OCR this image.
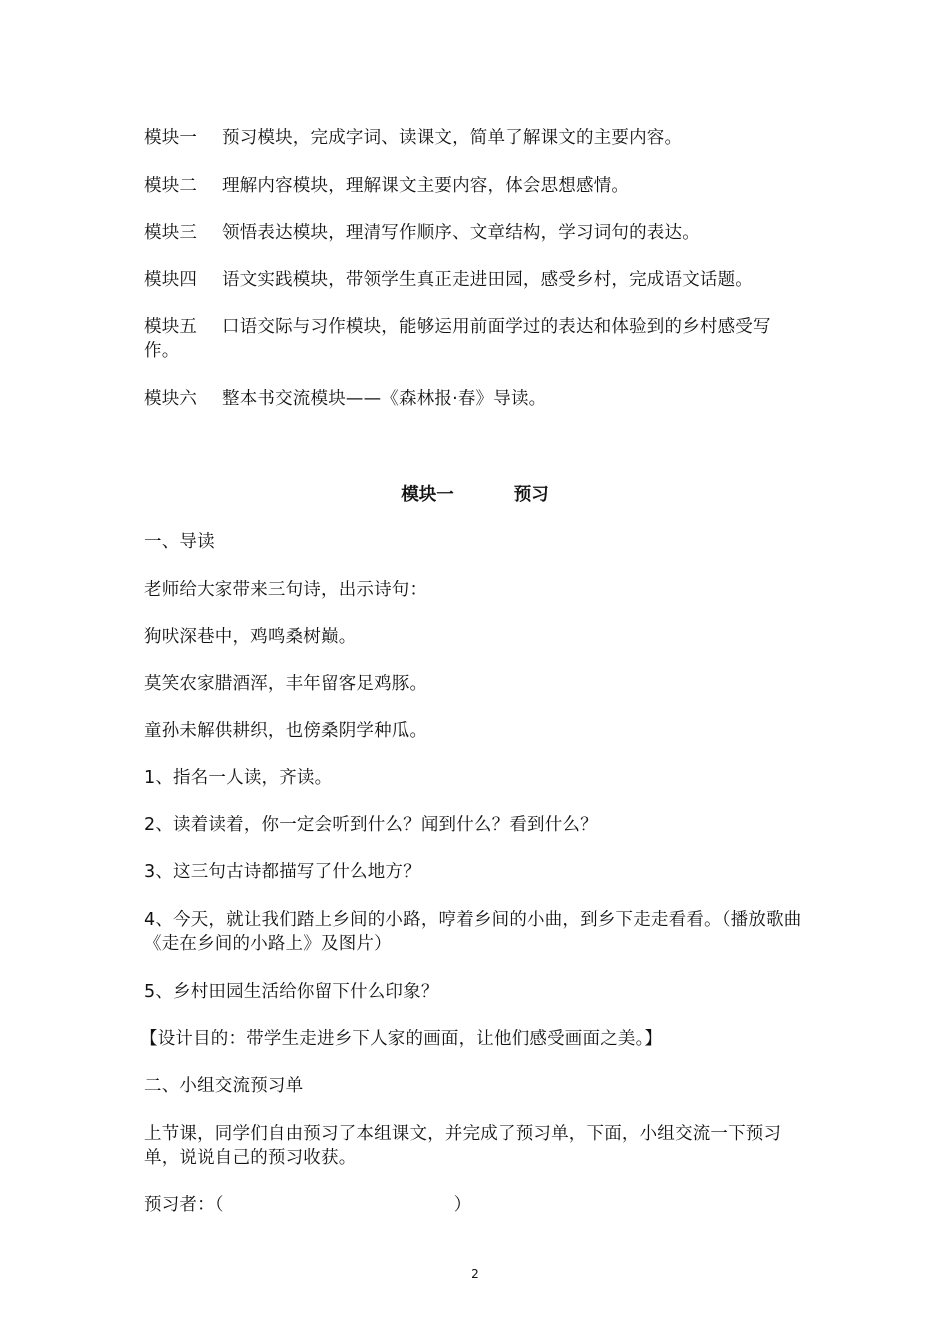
模块一 预习模块，完成字词、读课文，简单了解课文的主要内容。
模块二 理解内容模块，理解课文主要内容，体会思想感情。
模块三 领悟表达模块，理清写作顺序、文章结构，学习词句的表达。
模块四 语文实践模块，带领学生真正走进田园，感受乡村，完成语文话题。
模块五 口语交际与习作模块，能够运用前面学过的表达和体验到的乡村感受写作。
模块六 整本书交流模块——《森林报·春》导读。
模块一	预习
一、导读
老师给大家带来三句诗，出示诗句：
狗吠深巷中，鸡鸣桑树巅。
莫笑农家腊酒浑，丰年留客足鸡豚。
童孙未解供耕织，也傍桑阴学种瓜。
1、指名一人读，齐读。
2、读着读着，你一定会听到什么？闻到什么？看到什么？
3、这三句古诗都描写了什么地方？
4、今天，就让我们踏上乡间的小路，哼着乡间的小曲，到乡下走走看看。（播放歌曲《走在乡间的小路上》及图片）
5、乡村田园生活给你留下什么印象？
【设计目的：带学生走进乡下人家的画面，让他们感受画面之美。】
二、小组交流预习单
上节课，同学们自由预习了本组课文，并完成了预习单，下面，小组交流一下预习单，说说自己的预习收获。
预习者：（	）
2
